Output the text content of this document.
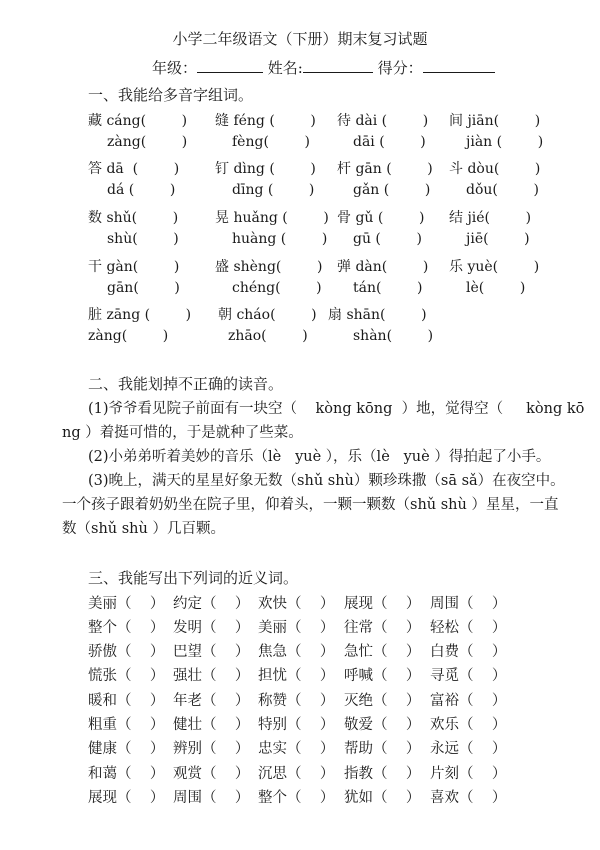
小学二年级语文（下册）期末复习试题
年级：	姓名:	得分：
一、我能给多音字组词。
藏 cáng(        ) 缝 féng (        ) 待 dài (        ) 间 jiān(        )
zàng(        )	fèng(        )	dāi (        )	jiàn (        )
答 dā  (        )	钉 dìng (        ) 杆 gān (        ) 斗 dòu(        )
dá (        )	dīng (        )	gǎn (        )	dǒu(        )
数 shǔ(        )	晃 huǎng (        ) 骨 gǔ (        ) 结 jié(        )
shù(        )	huàng (        ) gū (        )	jiē(        )
干 gàn(        )	盛 shèng(        ) 弹 dàn(        ) 乐 yuè(        )
gān(        )	chéng(        ) tán(        )	lè(        )
脏 zāng (        ) 朝 cháo(        ) 扇 shān(        )
zàng(        )	zhāo(        )	shàn(        )
二、我能划掉不正确的读音。
(1)爷爷看见院子前面有一块空（    kòng kōng  ）地，觉得空（     kòng kō
ng ）着挺可惜的，于是就种了些菜。
(2)小弟弟听着美妙的音乐（lè   yuè ），乐（lè   yuè ）得拍起了小手。
(3)晚上，满天的星星好象无数（shǔ shù）颗珍珠撒（sā sǎ）在夜空中。
一个孩子跟着奶奶坐在院子里，仰着头，一颗一颗数（shǔ shù ）星星，一直
数（shǔ shù ）几百颗。
三、我能写出下列词的近义词。
美丽（    ） 约定（    ） 欢快（    ） 展现（    ） 周围（    ）
整个（    ） 发明（    ） 美丽（    ） 往常（    ） 轻松（    ）
骄傲（    ） 巴望（    ） 焦急（    ） 急忙（    ） 白费（    ）
慌张（    ） 强壮（    ） 担忧（    ） 呼喊（    ） 寻觅（    ）
暖和（    ） 年老（    ） 称赞（    ） 灭绝（    ） 富裕（    ）
粗重（    ） 健壮（    ） 特别（    ） 敬爱（    ） 欢乐（    ）
健康（    ） 辨别（    ） 忠实（    ） 帮助（    ） 永远（    ）
和蔼（    ） 观赏（    ） 沉思（    ） 指教（    ） 片刻（    ）
展现（    ） 周围（    ） 整个（    ） 犹如（    ） 喜欢（    ）
